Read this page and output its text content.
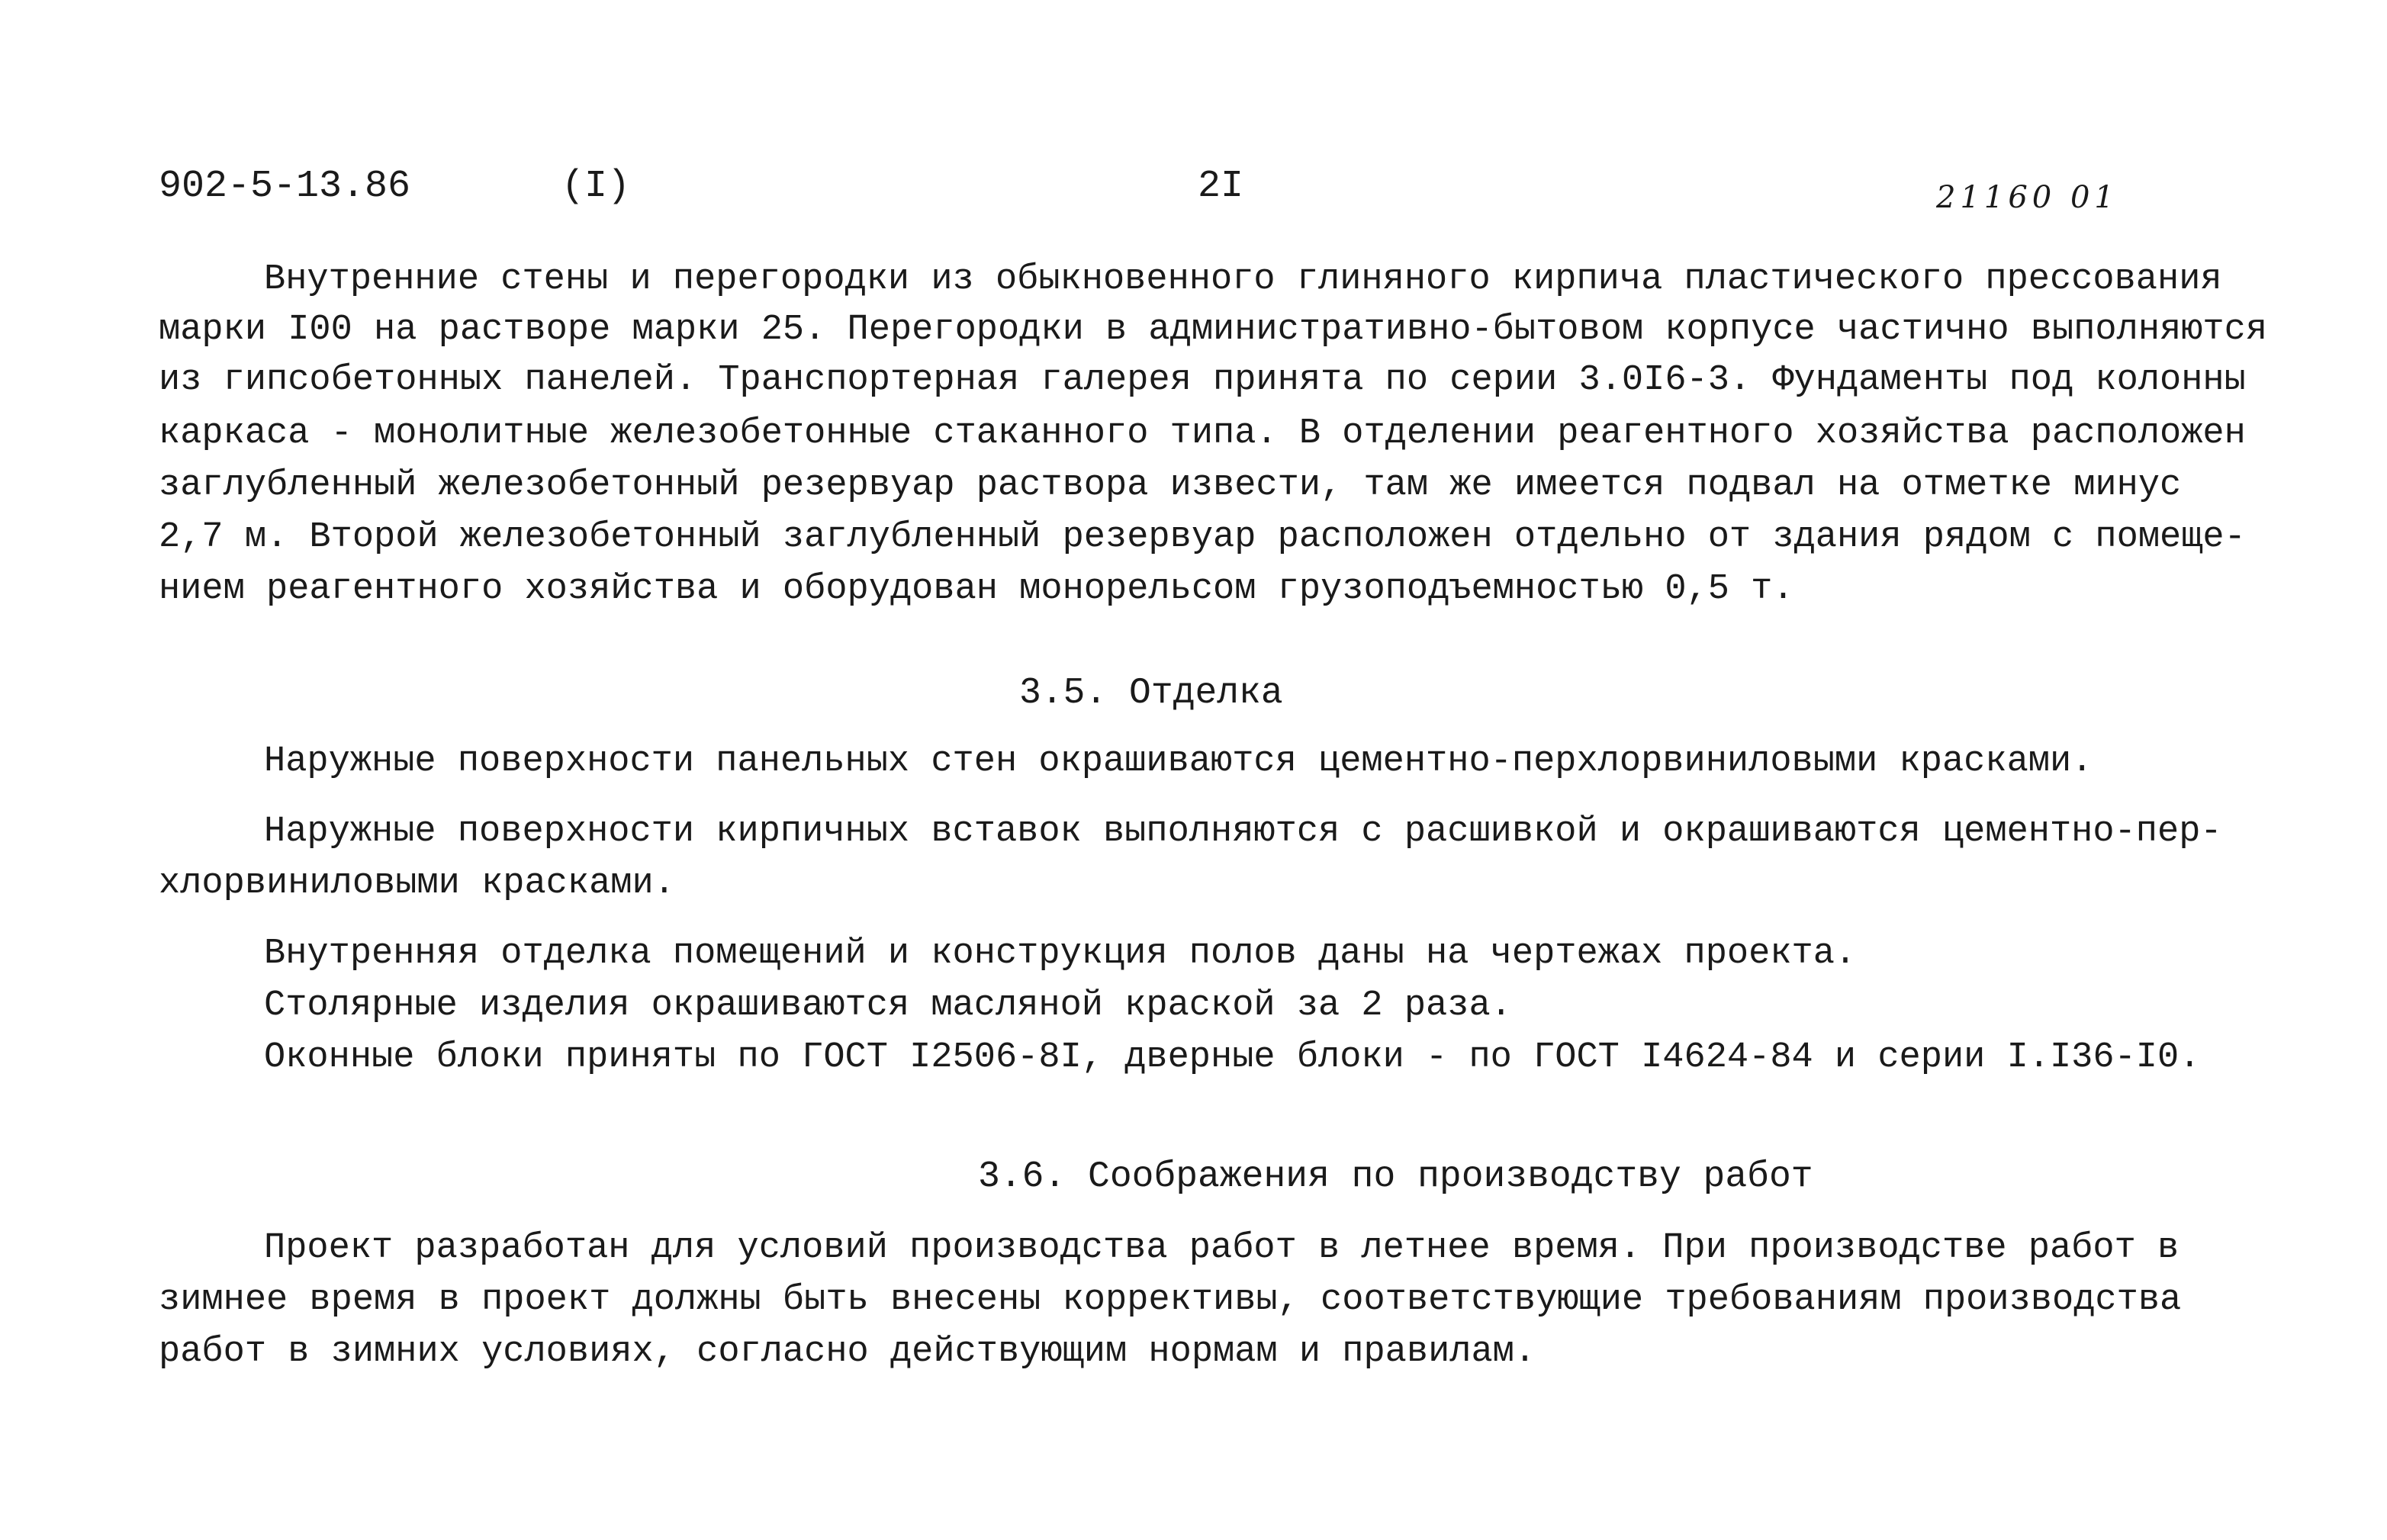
902-5-13.86	(I)	2I	21160 01
Внутренние стены и перегородки из обыкновенного глиняного кирпича пластического прессования
марки I00 на растворе марки 25. Перегородки в административно-бытовом корпусе частично выполняются
из гипсобетонных панелей. Транспортерная галерея принята по серии 3.0I6-3. Фундаменты под колонны
каркаса - монолитные железобетонные стаканного типа. В отделении реагентного хозяйства расположен
заглубленный железобетонный резервуар раствора извести, там же имеется подвал на отметке минус
2,7 м. Второй железобетонный заглубленный резервуар расположен отдельно от здания рядом с помеще-
нием реагентного хозяйства и оборудован монорельсом грузоподъемностью 0,5 т.
3.5. Отделка
Наружные поверхности панельных стен окрашиваются цементно-перхлорвиниловыми красками.
Наружные поверхности кирпичных вставок выполняются с расшивкой и окрашиваются цементно-пер-
хлорвиниловыми красками.
Внутренняя отделка помещений и конструкция полов даны на чертежах проекта.
Столярные изделия окрашиваются масляной краской за 2 раза.
Оконные блоки приняты по ГОСТ I2506-8I, дверные блоки - по ГОСТ I4624-84 и серии I.I36-I0.
3.6. Соображения по производству работ
Проект разработан для условий производства работ в летнее время. При производстве работ в
зимнее время в проект должны быть внесены коррективы, соответствующие требованиям производства
работ в зимних условиях, согласно действующим нормам и правилам.
